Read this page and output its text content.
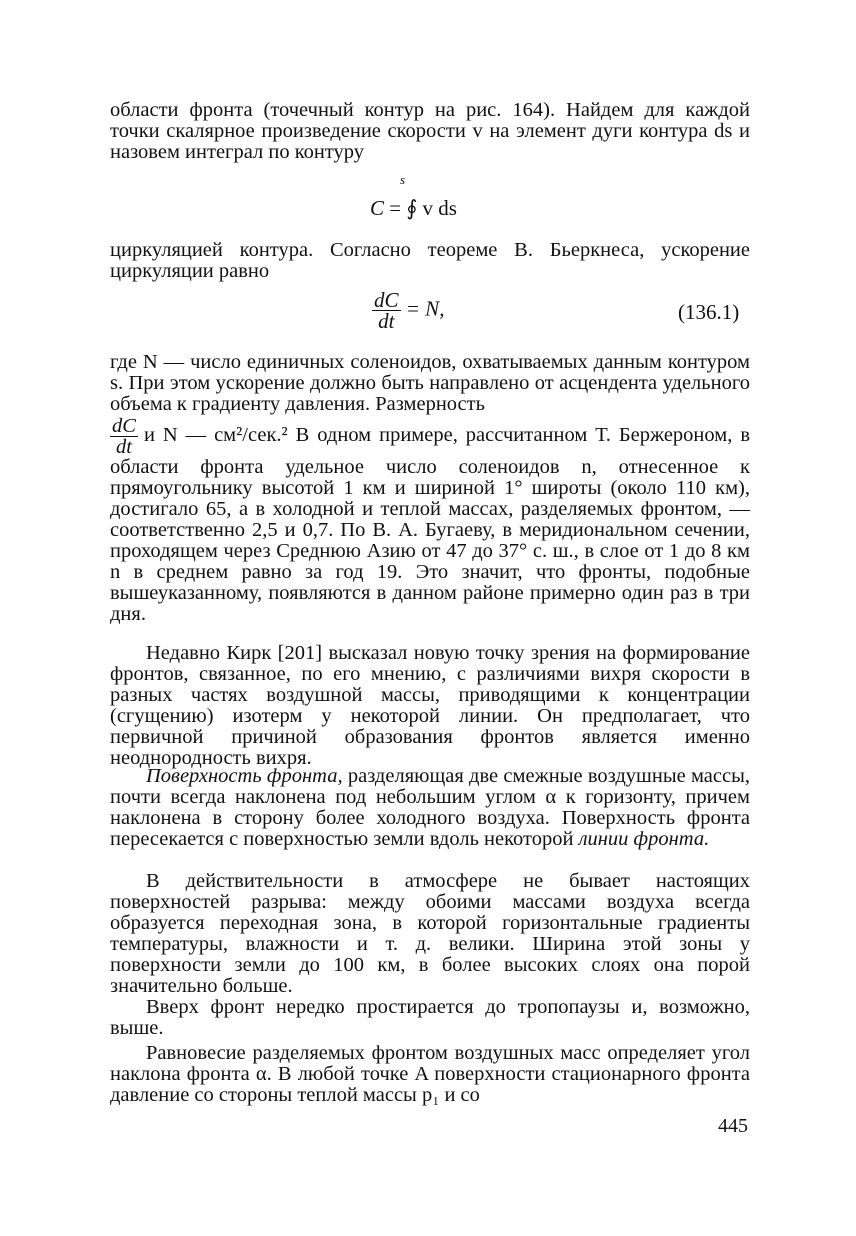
области фронта (точечный контур на рис. 164). Найдем для каждой точки скалярное произведение скорости v на элемент дуги контура ds и назовем интеграл по контуру

s
C = ∮ v ds

циркуляцией контура. Согласно теореме В. Бьеркнеса, ускорение циркуляции равно

$\frac{dC}{dt} = N$,	(136.1)

где N — число единичных соленоидов, охватываемых данным контуром s. При этом ускорение должно быть направлено от асцендента удельного объема к градиенту давления. Размерность

$\frac{dC}{dt}$ и N — см²/сек.² В одном примере, рассчитанном Т. Бержероном, в области фронта удельное число соленоидов n, отнесенное к прямоугольнику высотой 1 км и шириной 1° широты (около 110 км), достигало 65, а в холодной и теплой массах, разделяемых фронтом, — соответственно 2,5 и 0,7. По В. А. Бугаеву, в меридиональном сечении, проходящем через Среднюю Азию от 47 до 37° с. ш., в слое от 1 до 8 км n в среднем равно за год 19. Это значит, что фронты, подобные вышеуказанному, появляются в данном районе примерно один раз в три дня.

Недавно Кирк [201] высказал новую точку зрения на формирование фронтов, связанное, по его мнению, с различиями вихря скорости в разных частях воздушной массы, приводящими к концентрации (сгущению) изотерм у некоторой линии. Он предполагает, что первичной причиной образования фронтов является именно неоднородность вихря.

Поверхность фронта, разделяющая две смежные воздушные массы, почти всегда наклонена под небольшим углом α к горизонту, причем наклонена в сторону более холодного воздуха. Поверхность фронта пересекается с поверхностью земли вдоль некоторой линии фронта.

В действительности в атмосфере не бывает настоящих поверхностей разрыва: между обоими массами воздуха всегда образуется переходная зона, в которой горизонтальные градиенты температуры, влажности и т. д. велики. Ширина этой зоны у поверхности земли до 100 км, в более высоких слоях она порой значительно больше.

Вверх фронт нередко простирается до тропопаузы и, возможно, выше.

Равновесие разделяемых фронтом воздушных масс определяет угол наклона фронта α. В любой точке A поверхности стационарного фронта давление со стороны теплой массы p₁ и со

445
